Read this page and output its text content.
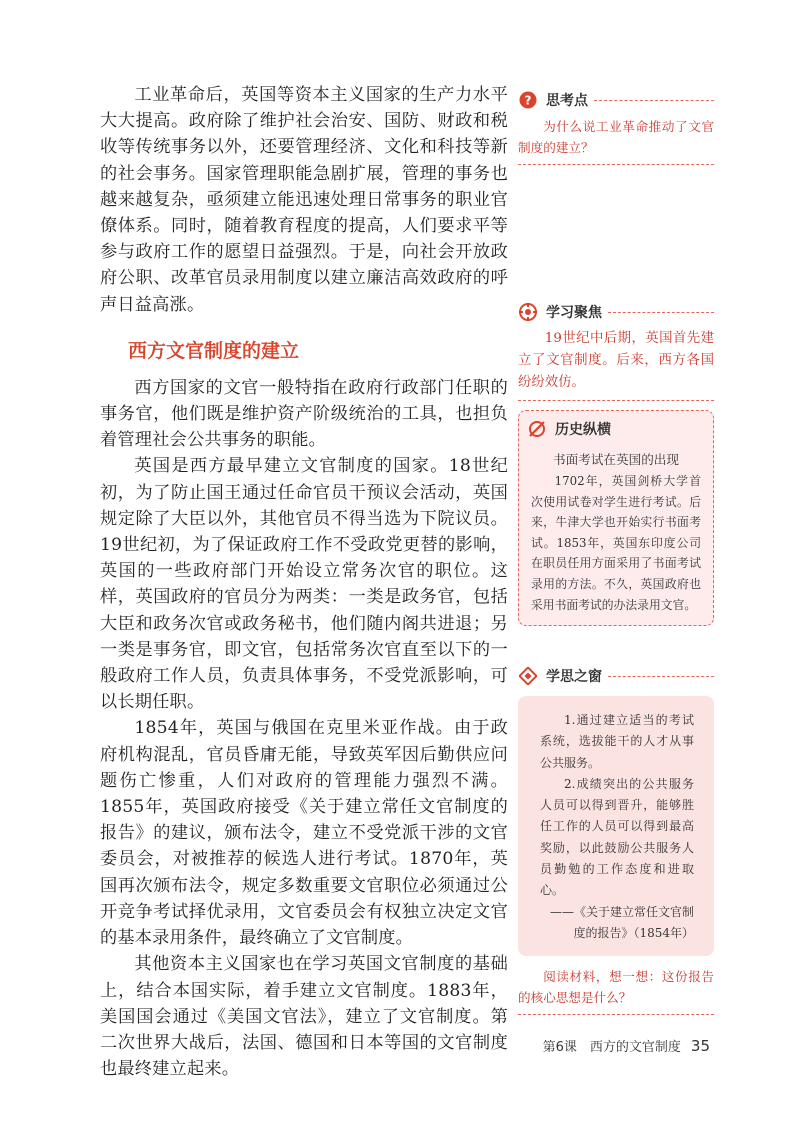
工业革命后，英国等资本主义国家的生产力水平大大提高。政府除了维护社会治安、国防、财政和税收等传统事务以外，还要管理经济、文化和科技等新的社会事务。国家管理职能急剧扩展，管理的事务也越来越复杂，亟须建立能迅速处理日常事务的职业官僚体系。同时，随着教育程度的提高，人们要求平等参与政府工作的愿望日益强烈。于是，向社会开放政府公职、改革官员录用制度以建立廉洁高效政府的呼声日益高涨。

西方文官制度的建立

西方国家的文官一般特指在政府行政部门任职的事务官，他们既是维护资产阶级统治的工具，也担负着管理社会公共事务的职能。

英国是西方最早建立文官制度的国家。18世纪初，为了防止国王通过任命官员干预议会活动，英国规定除了大臣以外，其他官员不得当选为下院议员。19世纪初，为了保证政府工作不受政党更替的影响，英国的一些政府部门开始设立常务次官的职位。这样，英国政府的官员分为两类：一类是政务官，包括大臣和政务次官或政务秘书，他们随内阁共进退；另一类是事务官，即文官，包括常务次官直至以下的一般政府工作人员，负责具体事务，不受党派影响，可以长期任职。

1854年，英国与俄国在克里米亚作战。由于政府机构混乱，官员昏庸无能，导致英军因后勤供应问题伤亡惨重，人们对政府的管理能力强烈不满。1855年，英国政府接受《关于建立常任文官制度的报告》的建议，颁布法令，建立不受党派干涉的文官委员会，对被推荐的候选人进行考试。1870年，英国再次颁布法令，规定多数重要文官职位必须通过公开竞争考试择优录用，文官委员会有权独立决定文官的基本录用条件，最终确立了文官制度。

其他资本主义国家也在学习英国文官制度的基础上，结合本国实际，着手建立文官制度。1883年，美国国会通过《美国文官法》，建立了文官制度。第二次世界大战后，法国、德国和日本等国的文官制度也最终建立起来。

? 思考点
为什么说工业革命推动了文官制度的建立？
学习聚焦
19世纪中后期，英国首先建立了文官制度。后来，西方各国纷纷效仿。
历史纵横
书面考试在英国的出现
1702年，英国剑桥大学首次使用试卷对学生进行考试。后来，牛津大学也开始实行书面考试。1853年，英国东印度公司在职员任用方面采用了书面考试录用的方法。不久，英国政府也采用书面考试的办法录用文官。
学思之窗

1.通过建立适当的考试系统，选拔能干的人才从事公共服务。

2.成绩突出的公共服务人员可以得到晋升，能够胜任工作的人员可以得到最高奖励，以此鼓励公共服务人员勤勉的工作态度和进取心。

——《关于建立常任文官制度的报告》（1854年）

阅读材料，想一想：这份报告的核心思想是什么？
第6课　西方的文官制度 35
